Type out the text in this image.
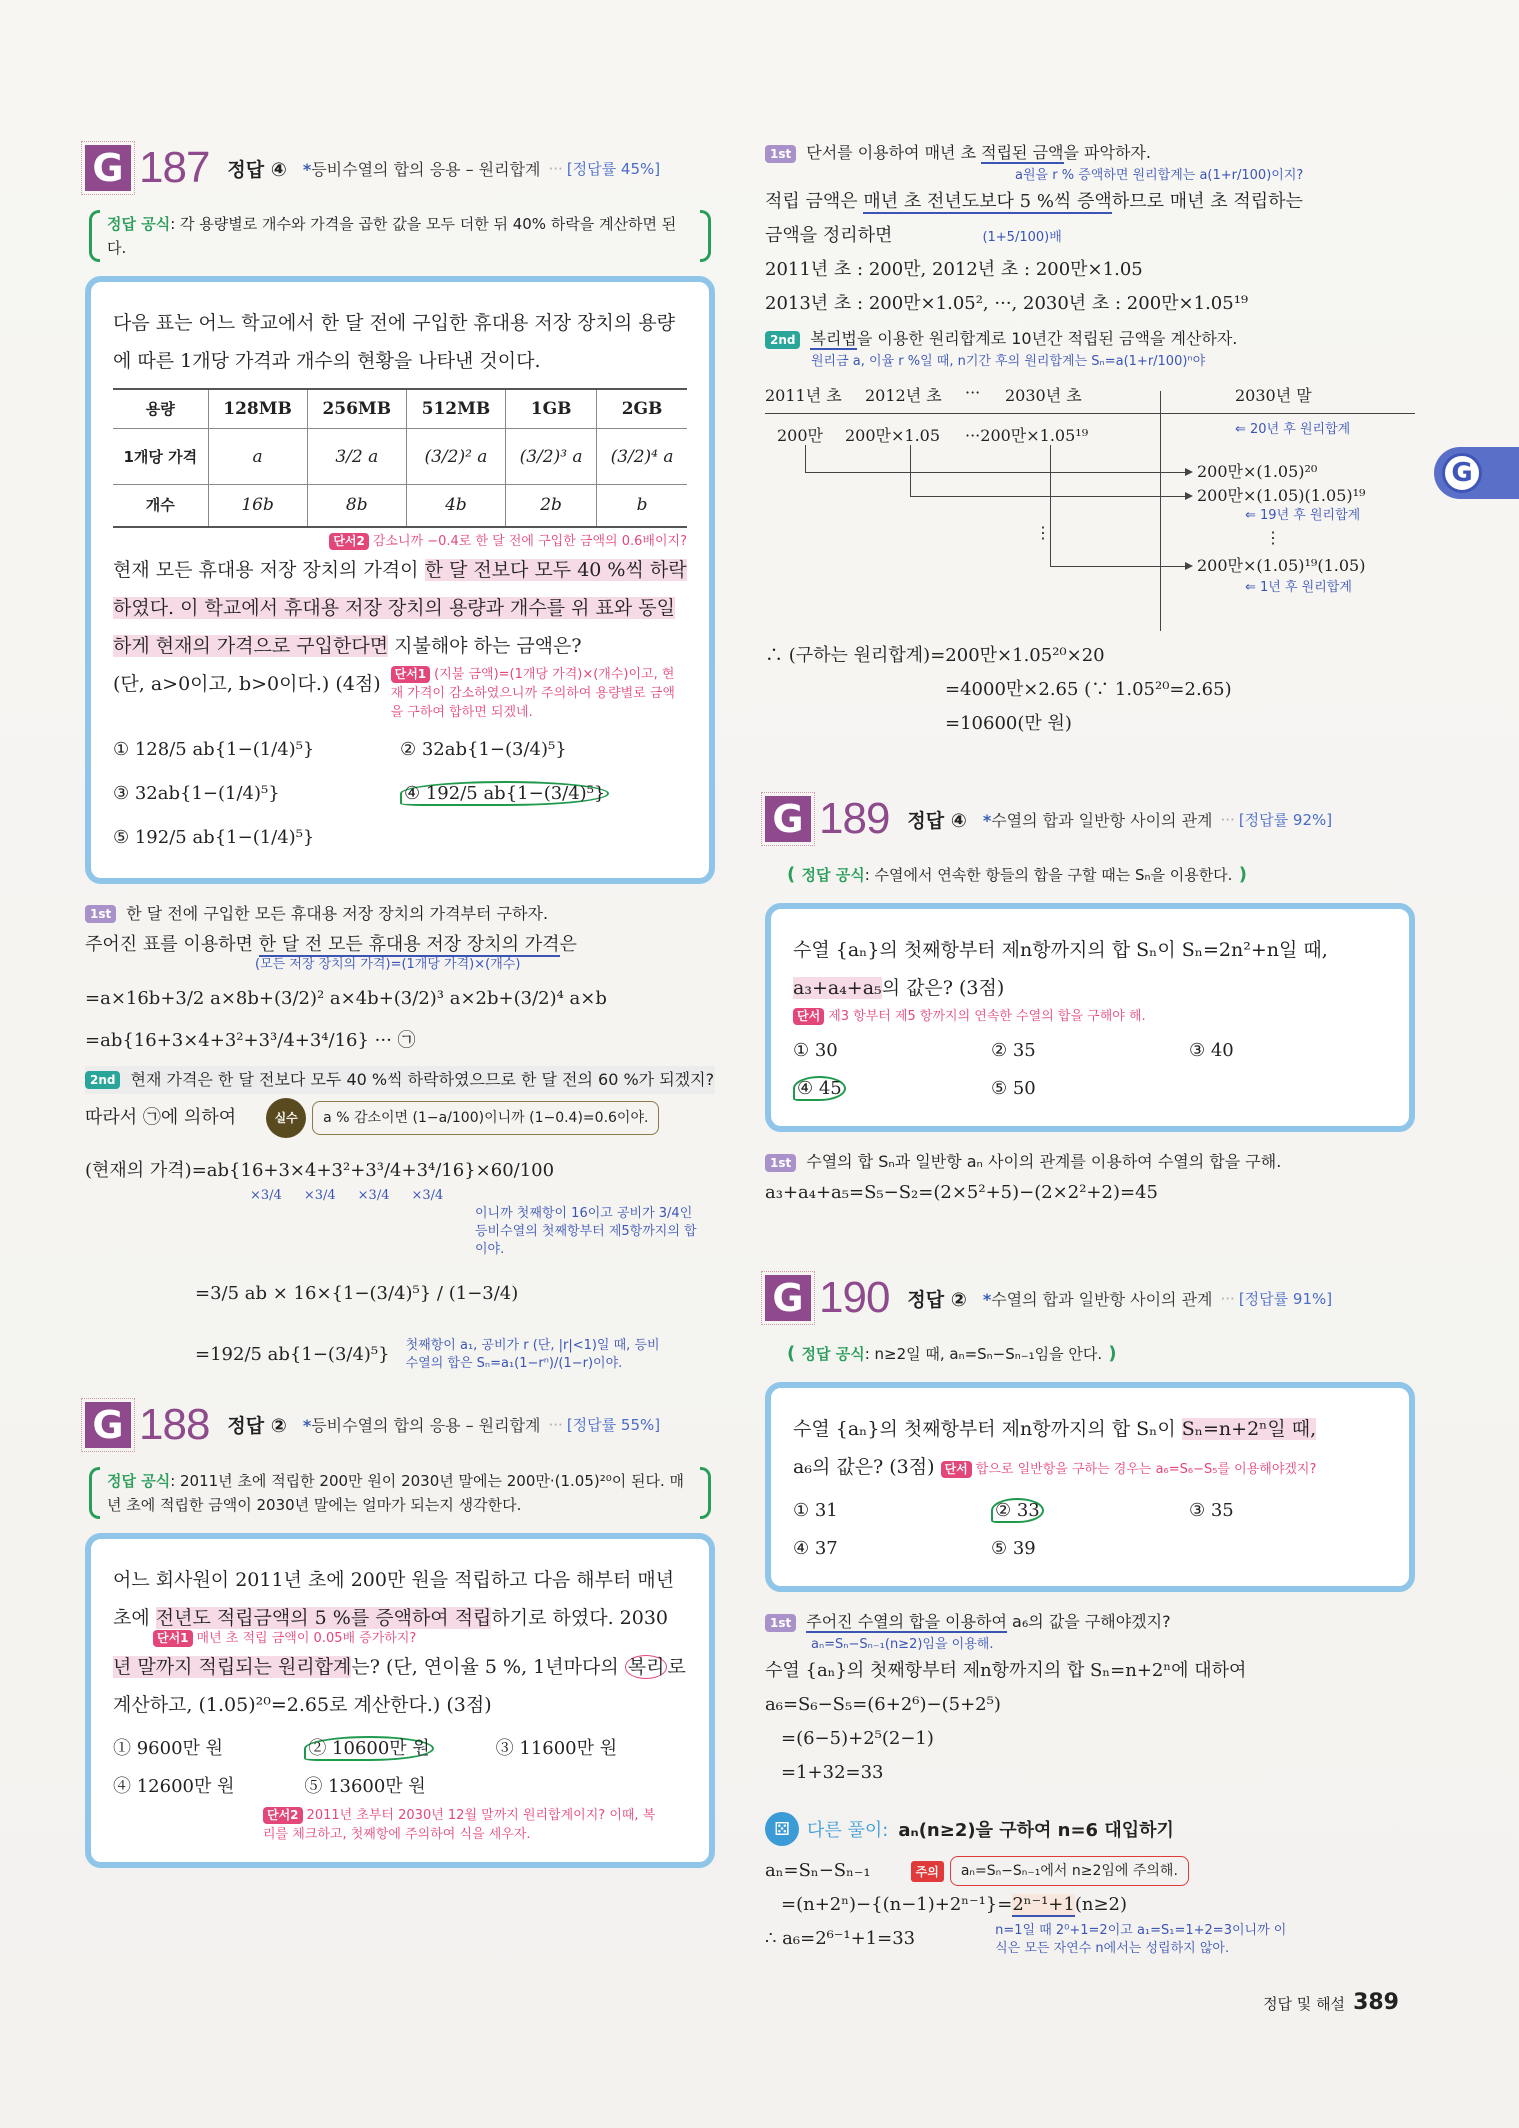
G 187 정답 ④ *등비수열의 합의 응용 – 원리합계 ··· [정답률 45%]
정답 공식: 각 용량별로 개수와 가격을 곱한 값을 모두 더한 뒤 40% 하락을 계산하면 된다.
다음 표는 어느 학교에서 한 달 전에 구입한 휴대용 저장 장치의 용량에 따른 1개당 가격과 개수의 현황을 나타낸 것이다.
용량	128MB	256MB	512MB	1GB	2GB
1개당 가격	a	3/2 a	(3/2)² a	(3/2)³ a	(3/2)⁴ a
개수	16b	8b	4b	2b	b
단서2 감소니까 −0.4로 한 달 전에 구입한 금액의 0.6배이지?
현재 모든 휴대용 저장 장치의 가격이 한 달 전보다 모두 40 %씩 하락하였다. 이 학교에서 휴대용 저장 장치의 용량과 개수를 위 표와 동일하게 현재의 가격으로 구입한다면 지불해야 하는 금액은?
(단, a>0이고, b>0이다.) (4점)	단서1 (지불 금액)=(1개당 가격)×(개수)이고, 현재 가격이 감소하였으니까 주의하여 용량별로 금액을 구하여 합하면 되겠네.
① 128/5 ab{1−(1/4)⁵}	② 32ab{1−(3/4)⁵}
③ 32ab{1−(1/4)⁵}	④ 192/5 ab{1−(3/4)⁵}
⑤ 192/5 ab{1−(1/4)⁵}
1st 한 달 전에 구입한 모든 휴대용 저장 장치의 가격부터 구하자.
주어진 표를 이용하면 한 달 전 모든 휴대용 저장 장치의 가격은
(모든 저장 장치의 가격)=(1개당 가격)×(개수)
=a×16b+3/2 a×8b+(3/2)² a×4b+(3/2)³ a×2b+(3/2)⁴ a×b
=ab{16+3×4+3²+3³/4+3⁴/16} ··· ㉠
2nd 현재 가격은 한 달 전보다 모두 40 %씩 하락하였으므로 한 달 전의 60 %가 되겠지?
따라서 ㉠에 의하여	실수	a % 감소이면 (1−a/100)이니까 (1−0.4)=0.6이야.
(현재의 가격)=ab{16+3×4+3²+3³/4+3⁴/16}×60/100
×3/4 ×3/4 ×3/4 ×3/4
이니까 첫째항이 16이고 공비가 3/4인 등비수열의 첫째항부터 제5항까지의 합이야.
=3/5 ab × 16×{1−(3/4)⁵} / (1−3/4)
=192/5 ab{1−(3/4)⁵} 첫째항이 a₁, 공비가 r (단, |r|<1)일 때, 등비수열의 합은 Sₙ=a₁(1−rⁿ)/(1−r)이야.
G 188 정답 ② *등비수열의 합의 응용 – 원리합계 ··· [정답률 55%]
정답 공식: 2011년 초에 적립한 200만 원이 2030년 말에는 200만·(1.05)²⁰이 된다. 매년 초에 적립한 금액이 2030년 말에는 얼마가 되는지 생각한다.
어느 회사원이 2011년 초에 200만 원을 적립하고 다음 해부터 매년 초에 전년도 적립금액의 5 %를 증액하여 적립하기로 하였다. 2030
단서1 매년 초 적립 금액이 0.05배 증가하지?
년 말까지 적립되는 원리합계는? (단, 연이율 5 %, 1년마다의 복리 로 계산하고, (1.05)²⁰=2.65로 계산한다.) (3점)
① 9600만 원	② 10600만 원	③ 11600만 원
④ 12600만 원	⑤ 13600만 원
단서2 2011년 초부터 2030년 12월 말까지 원리합계이지? 이때, 복리를 체크하고, 첫째항에 주의하여 식을 세우자.
1st 단서를 이용하여 매년 초 적립된 금액을 파악하자.
a원을 r % 증액하면 원리합계는 a(1+r/100)이지?
적립 금액은 매년 초 전년도보다 5 %씩 증액하므로 매년 초 적립하는
금액을 정리하면	(1+5/100)배
2011년 초 : 200만, 2012년 초 : 200만×1.05
2013년 초 : 200만×1.05², ···, 2030년 초 : 200만×1.05¹⁹
2nd 복리법을 이용한 원리합계로 10년간 적립된 금액을 계산하자.
원리금 a, 이율 r %일 때, n기간 후의 원리합계는 Sₙ=a(1+r/100)ⁿ야
2011년 초 2012년 초 ··· 2030년 초	2030년 말
200만 200만×1.05 ···200만×1.05¹⁹	⇐ 20년 후 원리합계
200만×(1.05)²⁰
200만×(1.05)(1.05)¹⁹
⇐ 19년 후 원리합계
⋮	⋮
200만×(1.05)¹⁹(1.05)
⇐ 1년 후 원리합계
∴ (구하는 원리합계)=200만×1.05²⁰×20
=4000만×2.65 (∵ 1.05²⁰=2.65)
=10600(만 원)
G 189 정답 ④ *수열의 합과 일반항 사이의 관계 ··· [정답률 92%]
( 정답 공식: 수열에서 연속한 항들의 합을 구할 때는 Sₙ을 이용한다. )
수열 {aₙ}의 첫째항부터 제n항까지의 합 Sₙ이 Sₙ=2n²+n일 때,
a₃+a₄+a₅의 값은? (3점)
단서 제3 항부터 제5 항까지의 연속한 수열의 합을 구해야 해.
① 30	② 35	③ 40
④ 45	⑤ 50
1st 수열의 합 Sₙ과 일반항 aₙ 사이의 관계를 이용하여 수열의 합을 구해.
a₃+a₄+a₅=S₅−S₂=(2×5²+5)−(2×2²+2)=45
G 190 정답 ② *수열의 합과 일반항 사이의 관계 ··· [정답률 91%]
( 정답 공식: n≥2일 때, aₙ=Sₙ−Sₙ₋₁임을 안다. )
수열 {aₙ}의 첫째항부터 제n항까지의 합 Sₙ이 Sₙ=n+2ⁿ일 때,
a₆의 값은? (3점) 단서 합으로 일반항을 구하는 경우는 a₆=S₆−S₅를 이용해야겠지?
① 31	② 33	③ 35
④ 37	⑤ 39
1st 주어진 수열의 합을 이용하여 a₆의 값을 구해야겠지?
aₙ=Sₙ−Sₙ₋₁(n≥2)임을 이용해.
수열 {aₙ}의 첫째항부터 제n항까지의 합 Sₙ=n+2ⁿ에 대하여
a₆=S₆−S₅=(6+2⁶)−(5+2⁵)
=(6−5)+2⁵(2−1)
=1+32=33
⚄ 다른 풀이: aₙ(n≥2)을 구하여 n=6 대입하기
aₙ=Sₙ−Sₙ₋₁	주의	aₙ=Sₙ−Sₙ₋₁에서 n≥2임에 주의해.
=(n+2ⁿ)−{(n−1)+2ⁿ⁻¹}=2ⁿ⁻¹+1(n≥2)
∴ a₆=2⁶⁻¹+1=33	n=1일 때 2⁰+1=2이고 a₁=S₁=1+2=3이니까 이 식은 모든 자연수 n에서는 성립하지 않아.
G
정답 및 해설 389
